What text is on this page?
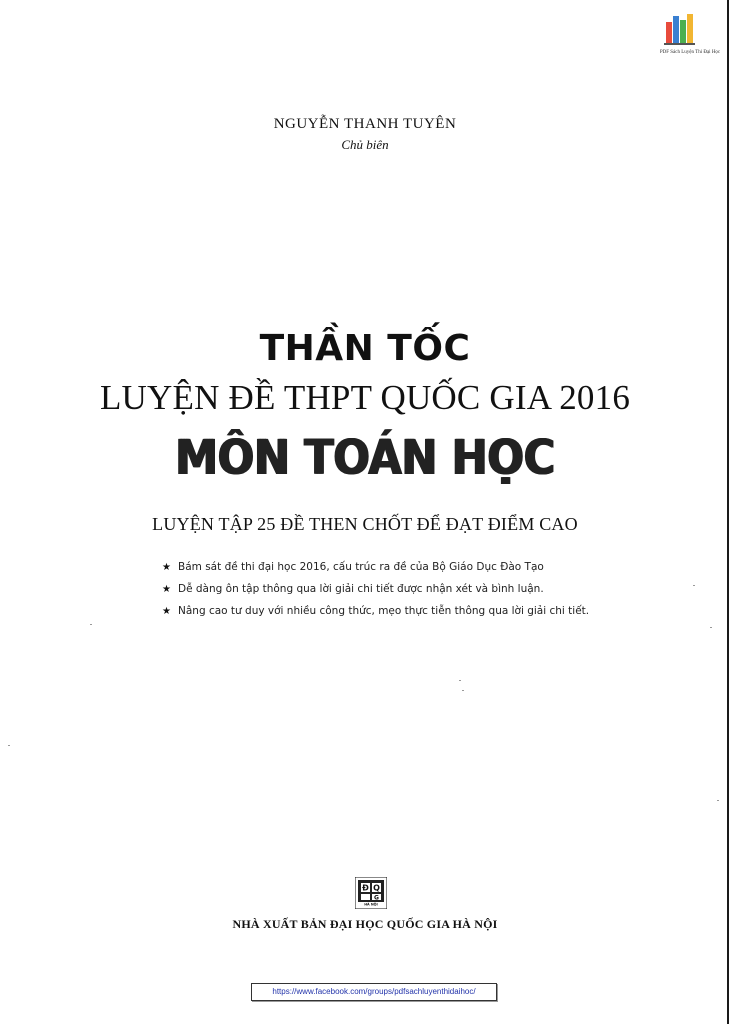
PDF Sách Luyện Thi Đại Học
NGUYỄN THANH TUYÊN
Chủ biên
THẦN TỐC
LUYỆN ĐỀ THPT QUỐC GIA 2016
MÔN TOÁN HỌC
LUYỆN TẬP 25 ĐỀ THEN CHỐT ĐỂ ĐẠT ĐIỂM CAO
★ Bám sát đề thi đại học 2016, cấu trúc ra đề của Bộ Giáo Dục Đào Tạo
★ Dễ dàng ôn tập thông qua lời giải chi tiết được nhận xét và bình luận.
★ Nâng cao tư duy với nhiều công thức, mẹo thực tiễn thông qua lời giải chi tiết.
Đ Q
G
HÀ NỘI
NHÀ XUẤT BẢN ĐẠI HỌC QUỐC GIA HÀ NỘI
https://www.facebook.com/groups/pdfsachluyenthidaihoc/
